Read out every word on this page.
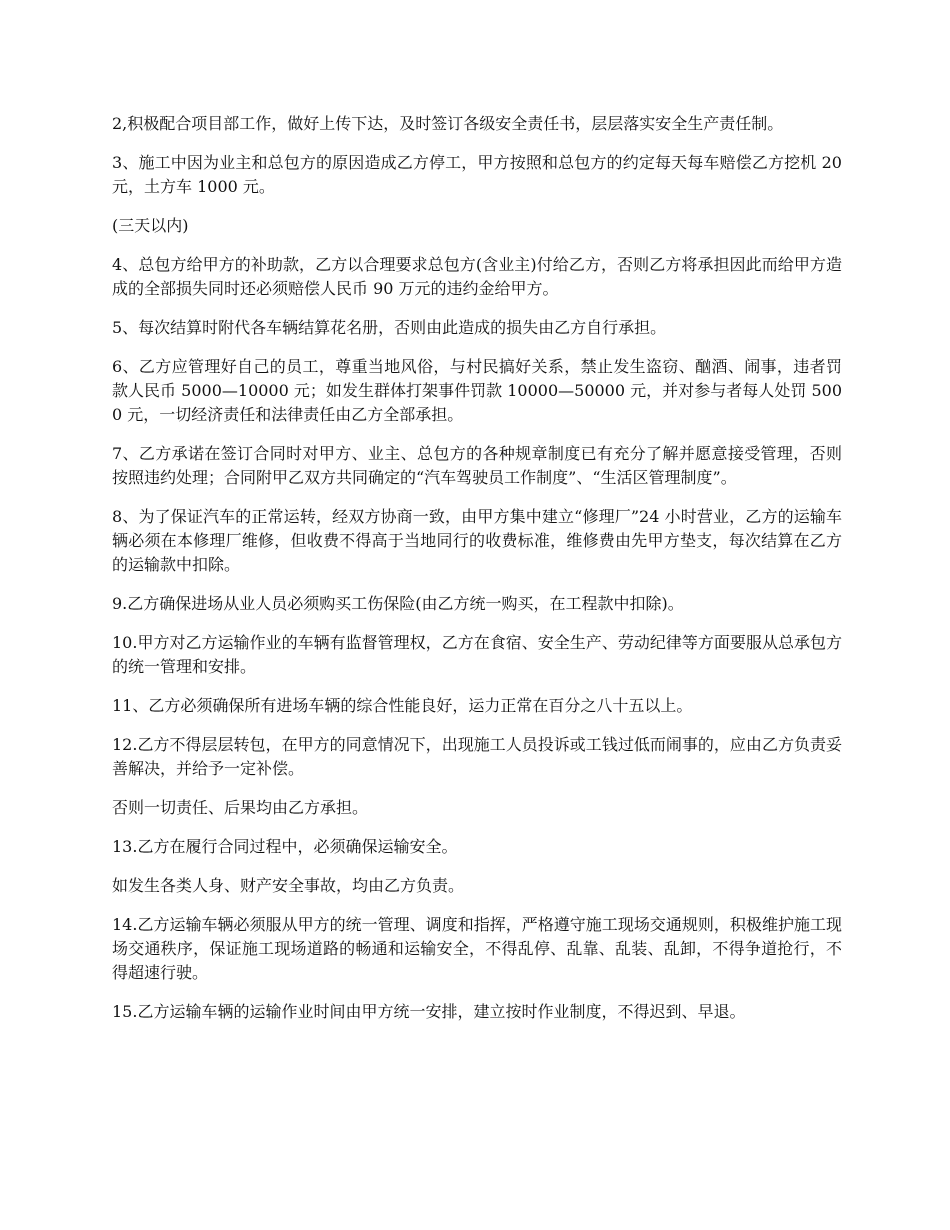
2,积极配合项目部工作，做好上传下达，及时签订各级安全责任书，层层落实安全生产责任制。

3、施工中因为业主和总包方的原因造成乙方停工，甲方按照和总包方的约定每天每车赔偿乙方挖机 20 元，土方车 1000 元。

(三天以内)

4、总包方给甲方的补助款，乙方以合理要求总包方(含业主)付给乙方，否则乙方将承担因此而给甲方造成的全部损失同时还必须赔偿人民币 90 万元的违约金给甲方。

5、每次结算时附代各车辆结算花名册，否则由此造成的损失由乙方自行承担。

6、乙方应管理好自己的员工，尊重当地风俗，与村民搞好关系，禁止发生盗窃、酗酒、闹事，违者罚款人民币 5000—10000 元；如发生群体打架事件罚款 10000—50000 元，并对参与者每人处罚 5000 元，一切经济责任和法律责任由乙方全部承担。

7、乙方承诺在签订合同时对甲方、业主、总包方的各种规章制度已有充分了解并愿意接受管理，否则按照违约处理；合同附甲乙双方共同确定的“汽车驾驶员工作制度”、“生活区管理制度”。

8、为了保证汽车的正常运转，经双方协商一致，由甲方集中建立“修理厂”24 小时营业，乙方的运输车辆必须在本修理厂维修，但收费不得高于当地同行的收费标准，维修费由先甲方垫支，每次结算在乙方的运输款中扣除。

9.乙方确保进场从业人员必须购买工伤保险(由乙方统一购买，在工程款中扣除)。

10.甲方对乙方运输作业的车辆有监督管理权，乙方在食宿、安全生产、劳动纪律等方面要服从总承包方的统一管理和安排。

11、乙方必须确保所有进场车辆的综合性能良好，运力正常在百分之八十五以上。

12.乙方不得层层转包，在甲方的同意情况下，出现施工人员投诉或工钱过低而闹事的，应由乙方负责妥善解决，并给予一定补偿。

否则一切责任、后果均由乙方承担。

13.乙方在履行合同过程中，必须确保运输安全。

如发生各类人身、财产安全事故，均由乙方负责。

14.乙方运输车辆必须服从甲方的统一管理、调度和指挥，严格遵守施工现场交通规则，积极维护施工现场交通秩序，保证施工现场道路的畅通和运输安全，不得乱停、乱靠、乱装、乱卸，不得争道抢行，不得超速行驶。

15.乙方运输车辆的运输作业时间由甲方统一安排，建立按时作业制度，不得迟到、早退。
